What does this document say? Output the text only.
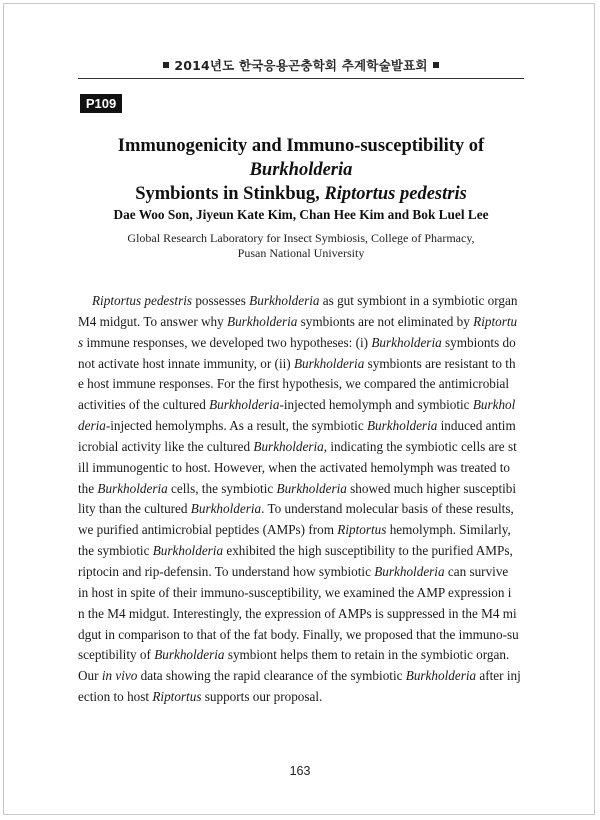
2014년도 한국응용곤충학회 추계학술발표회
P109
Immunogenicity and Immuno-susceptibility of Burkholderia
Symbionts in Stinkbug, Riptortus pedestris
Dae Woo Son, Jiyeun Kate Kim, Chan Hee Kim and Bok Luel Lee
Global Research Laboratory for Insect Symbiosis, College of Pharmacy,
Pusan National University
Riptortus pedestris possesses Burkholderia as gut symbiont in a symbiotic organ
M4 midgut. To answer why Burkholderia symbionts are not eliminated by Riptortu
s immune responses, we developed two hypotheses: (i) Burkholderia symbionts do
not activate host innate immunity, or (ii) Burkholderia symbionts are resistant to th
e host immune responses. For the first hypothesis, we compared the antimicrobial
activities of the cultured Burkholderia-injected hemolymph and symbiotic Burkhol
deria-injected hemolymphs. As a result, the symbiotic Burkholderia induced antim
icrobial activity like the cultured Burkholderia, indicating the symbiotic cells are st
ill immunogentic to host. However, when the activated hemolymph was treated to
the Burkholderia cells, the symbiotic Burkholderia showed much higher susceptibi
lity than the cultured Burkholderia. To understand molecular basis of these results,
we purified antimicrobial peptides (AMPs) from Riptortus hemolymph. Similarly,
the symbiotic Burkholderia exhibited the high susceptibility to the purified AMPs,
riptocin and rip-defensin. To understand how symbiotic Burkholderia can survive
in host in spite of their immuno-susceptibility, we examined the AMP expression i
n the M4 midgut. Interestingly, the expression of AMPs is suppressed in the M4 mi
dgut in comparison to that of the fat body. Finally, we proposed that the immuno-su
sceptibility of Burkholderia symbiont helps them to retain in the symbiotic organ.
Our in vivo data showing the rapid clearance of the symbiotic Burkholderia after inj
ection to host Riptortus supports our proposal.
163
